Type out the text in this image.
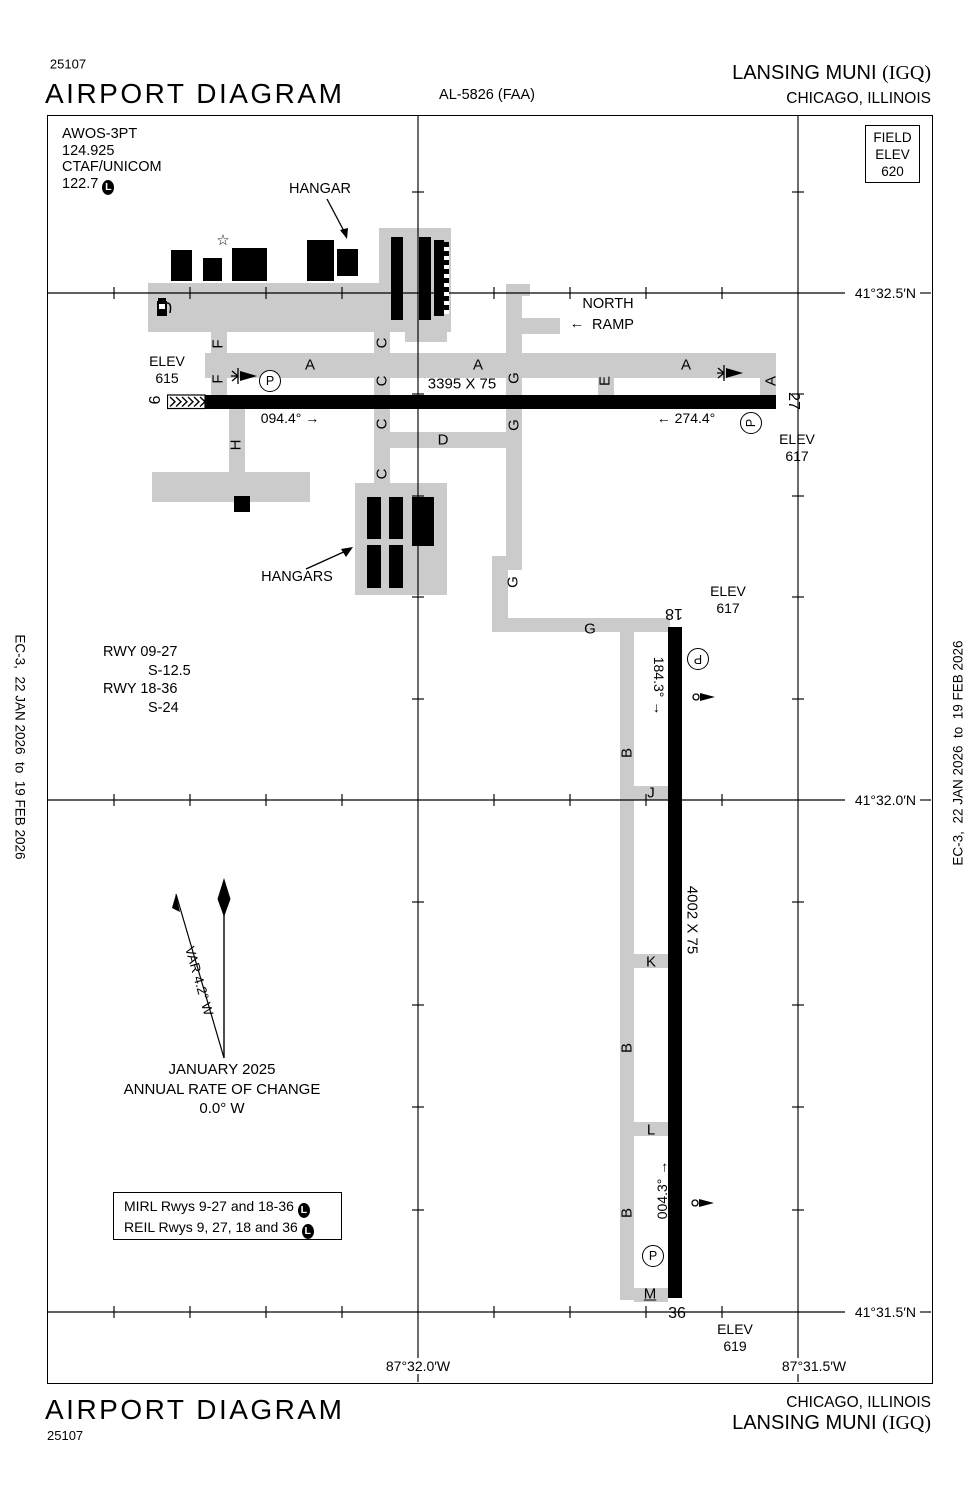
25107
AIRPORT DIAGRAM	AL-5826 (FAA)
LANSING MUNI (IGQ)
CHICAGO, ILLINOIS
EC-3,  22 JAN 2026  to  19 FEB 2026	EC-3,  22 JAN 2026  to  19 FEB 2026
41°32.5′N
41°32.0′N
41°31.5′N
87°32.0′W	87°31.5′W
AWOS-3PT
124.925
CTAF/UNICOM
122.7 L
FIELD
ELEV
620
☆
9	27
18
36
3395 X 75
4002 X 75
094.4° →	← 274.4°
184.3° →
004.3° →
ELEV
615
ELEV
617
ELEV
617
ELEV
619
A	A	A
A
F
F
C
C
C
C
G
G
G
G
E
H	D
B
B
B
J
K
L
M
P
P
P
P
HANGAR
HANGARS
NORTH
RAMP
←
RWY 09-27
S-12.5
RWY 18-36
S-24
VAR 4.2° W
JANUARY 2025
ANNUAL RATE OF CHANGE
0.0° W
MIRL Rwys 9-27 and 18-36 L
REIL Rwys 9, 27, 18 and 36 L
AIRPORT DIAGRAM
25107
CHICAGO, ILLINOIS
LANSING MUNI (IGQ)
